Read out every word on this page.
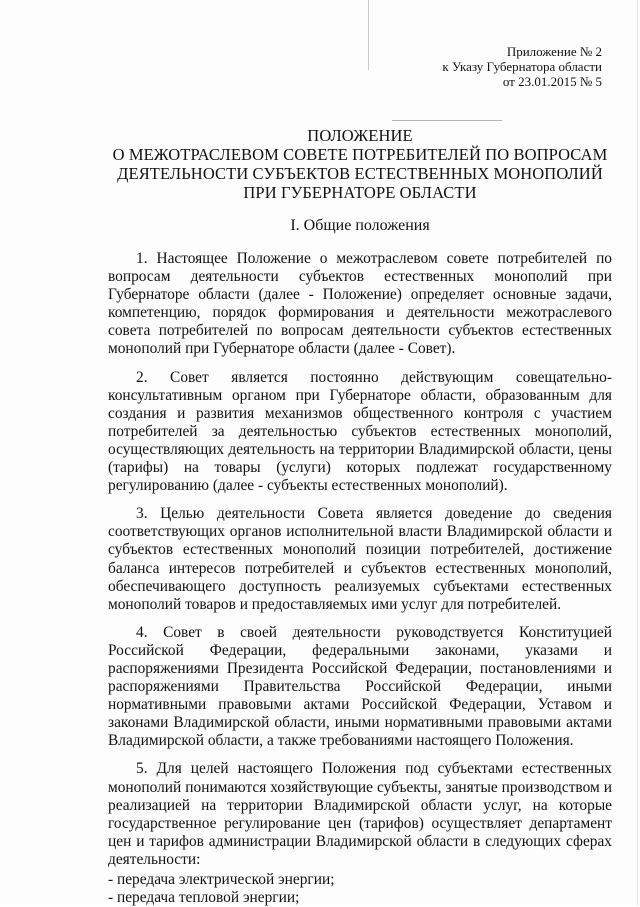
Приложение № 2
к Указу Губернатора области
от 23.01.2015 № 5
ПОЛОЖЕНИЕ
О МЕЖОТРАСЛЕВОМ СОВЕТЕ ПОТРЕБИТЕЛЕЙ ПО ВОПРОСАМ
ДЕЯТЕЛЬНОСТИ СУБЪЕКТОВ ЕСТЕСТВЕННЫХ МОНОПОЛИЙ
ПРИ ГУБЕРНАТОРЕ ОБЛАСТИ
I. Общие положения

1. Настоящее Положение о межотраслевом совете потребителей по вопросам деятельности субъектов естественных монополий при Губернаторе области (далее - Положение) определяет основные задачи, компетенцию, порядок формирования и деятельности межотраслевого совета потребителей по вопросам деятельности субъектов естественных монополий при Губернаторе области (далее - Совет).

2. Совет является постоянно действующим совещательно-консультативным органом при Губернаторе области, образованным для создания и развития механизмов общественного контроля с участием потребителей за деятельностью субъектов естественных монополий, осуществляющих деятельность на территории Владимирской области, цены (тарифы) на товары (услуги) которых подлежат государственному регулированию (далее - субъекты естественных монополий).

3. Целью деятельности Совета является доведение до сведения соответствующих органов исполнительной власти Владимирской области и субъектов естественных монополий позиции потребителей, достижение баланса интересов потребителей и субъектов естественных монополий, обеспечивающего доступность реализуемых субъектами естественных монополий товаров и предоставляемых ими услуг для потребителей.

4. Совет в своей деятельности руководствуется Конституцией Российской Федерации, федеральными законами, указами и распоряжениями Президента Российской Федерации, постановлениями и распоряжениями Правительства Российской Федерации, иными нормативными правовыми актами Российской Федерации, Уставом и законами Владимирской области, иными нормативными правовыми актами Владимирской области, а также требованиями настоящего Положения.

5. Для целей настоящего Положения под субъектами естественных монополий понимаются хозяйствующие субъекты, занятые производством и реализацией на территории Владимирской области услуг, на которые государственное регулирование цен (тарифов) осуществляет департамент цен и тарифов администрации Владимирской области в следующих сферах деятельности:

- передача электрической энергии;

- передача тепловой энергии;
